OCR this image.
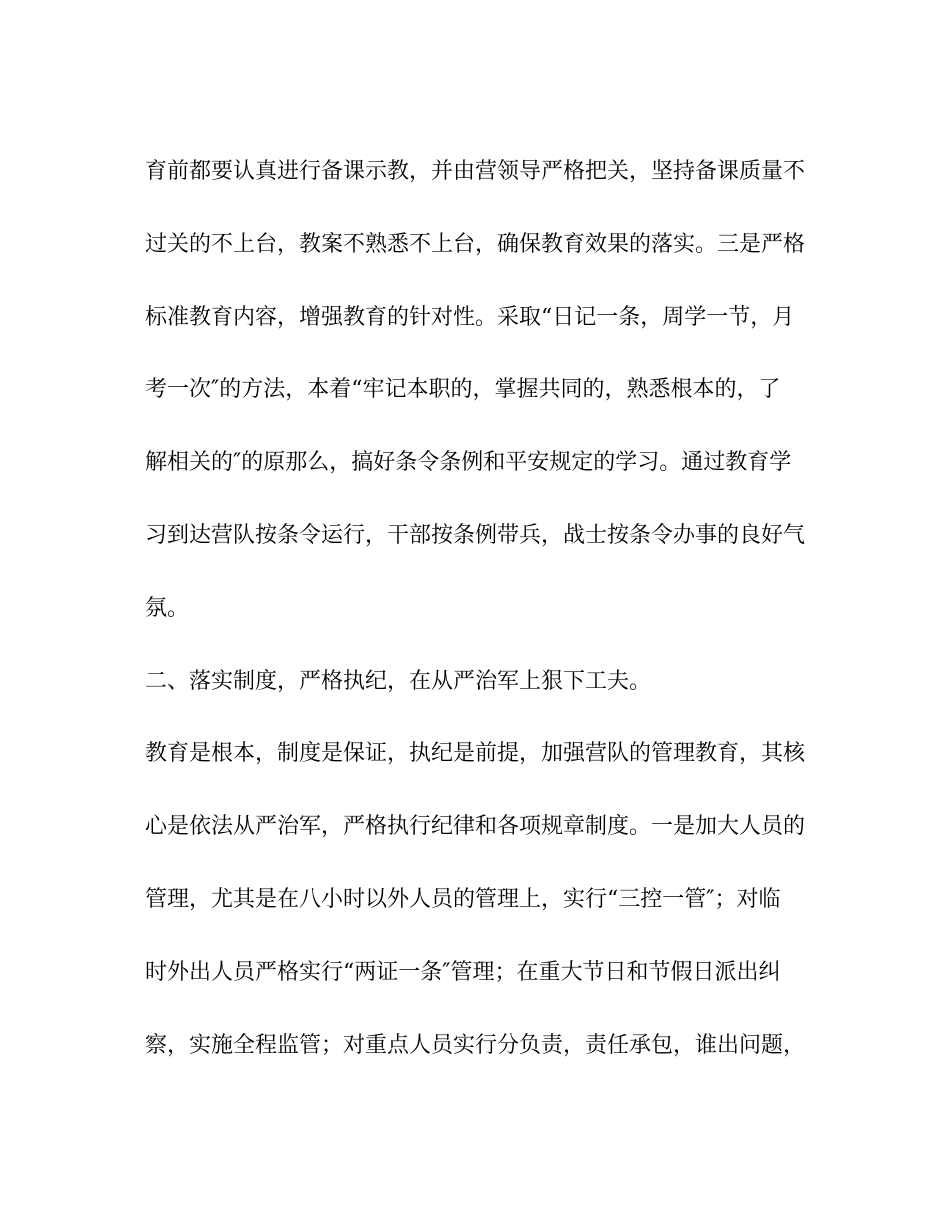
育前都要认真进行备课示教，并由营领导严格把关，坚持备课质量不
过关的不上台，教案不熟悉不上台，确保教育效果的落实。三是严格
标准教育内容，增强教育的针对性。采取“日记一条，周学一节，月
考一次″的方法，本着“牢记本职的，掌握共同的，熟悉根本的，了
解相关的″的原那么，搞好条令条例和平安规定的学习。通过教育学
习到达营队按条令运行，干部按条例带兵，战士按条令办事的良好气
氛。
二、落实制度，严格执纪，在从严治军上狠下工夫。
教育是根本，制度是保证，执纪是前提，加强营队的管理教育，其核
心是依法从严治军，严格执行纪律和各项规章制度。一是加大人员的
管理，尤其是在八小时以外人员的管理上，实行“三控一管″；对临
时外出人员严格实行“两证一条″管理；在重大节日和节假日派出纠
察，实施全程监管；对重点人员实行分负责，责任承包，谁出问题，
